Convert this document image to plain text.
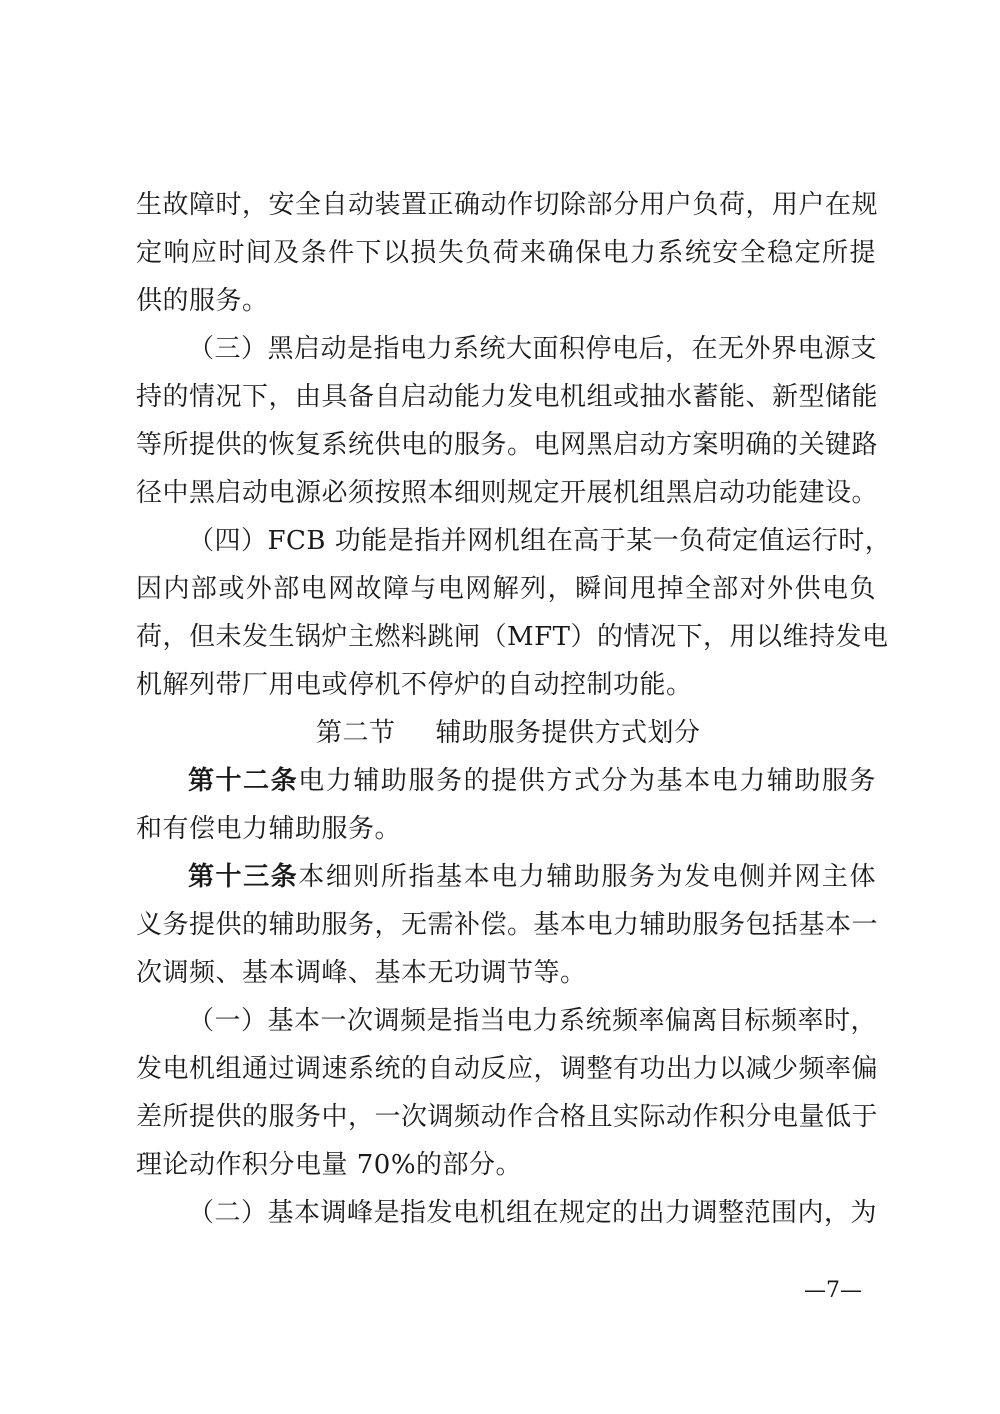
生故障时，安全自动装置正确动作切除部分用户负荷，用户在规
定响应时间及条件下以损失负荷来确保电力系统安全稳定所提
供的服务。
（三）黑启动是指电力系统大面积停电后，在无外界电源支
持的情况下，由具备自启动能力发电机组或抽水蓄能、新型储能
等所提供的恢复系统供电的服务。电网黑启动方案明确的关键路
径中黑启动电源必须按照本细则规定开展机组黑启动功能建设。
（四）FCB 功能是指并网机组在高于某一负荷定值运行时，
因内部或外部电网故障与电网解列，瞬间甩掉全部对外供电负
荷，但未发生锅炉主燃料跳闸（MFT）的情况下，用以维持发电
机解列带厂用电或停机不停炉的自动控制功能。
第二节 辅助服务提供方式划分
第十二条电力辅助服务的提供方式分为基本电力辅助服务
和有偿电力辅助服务。
第十三条本细则所指基本电力辅助服务为发电侧并网主体
义务提供的辅助服务，无需补偿。基本电力辅助服务包括基本一
次调频、基本调峰、基本无功调节等。
（一）基本一次调频是指当电力系统频率偏离目标频率时，
发电机组通过调速系统的自动反应，调整有功出力以减少频率偏
差所提供的服务中，一次调频动作合格且实际动作积分电量低于
理论动作积分电量 70%的部分。
（二）基本调峰是指发电机组在规定的出力调整范围内，为
—7—
